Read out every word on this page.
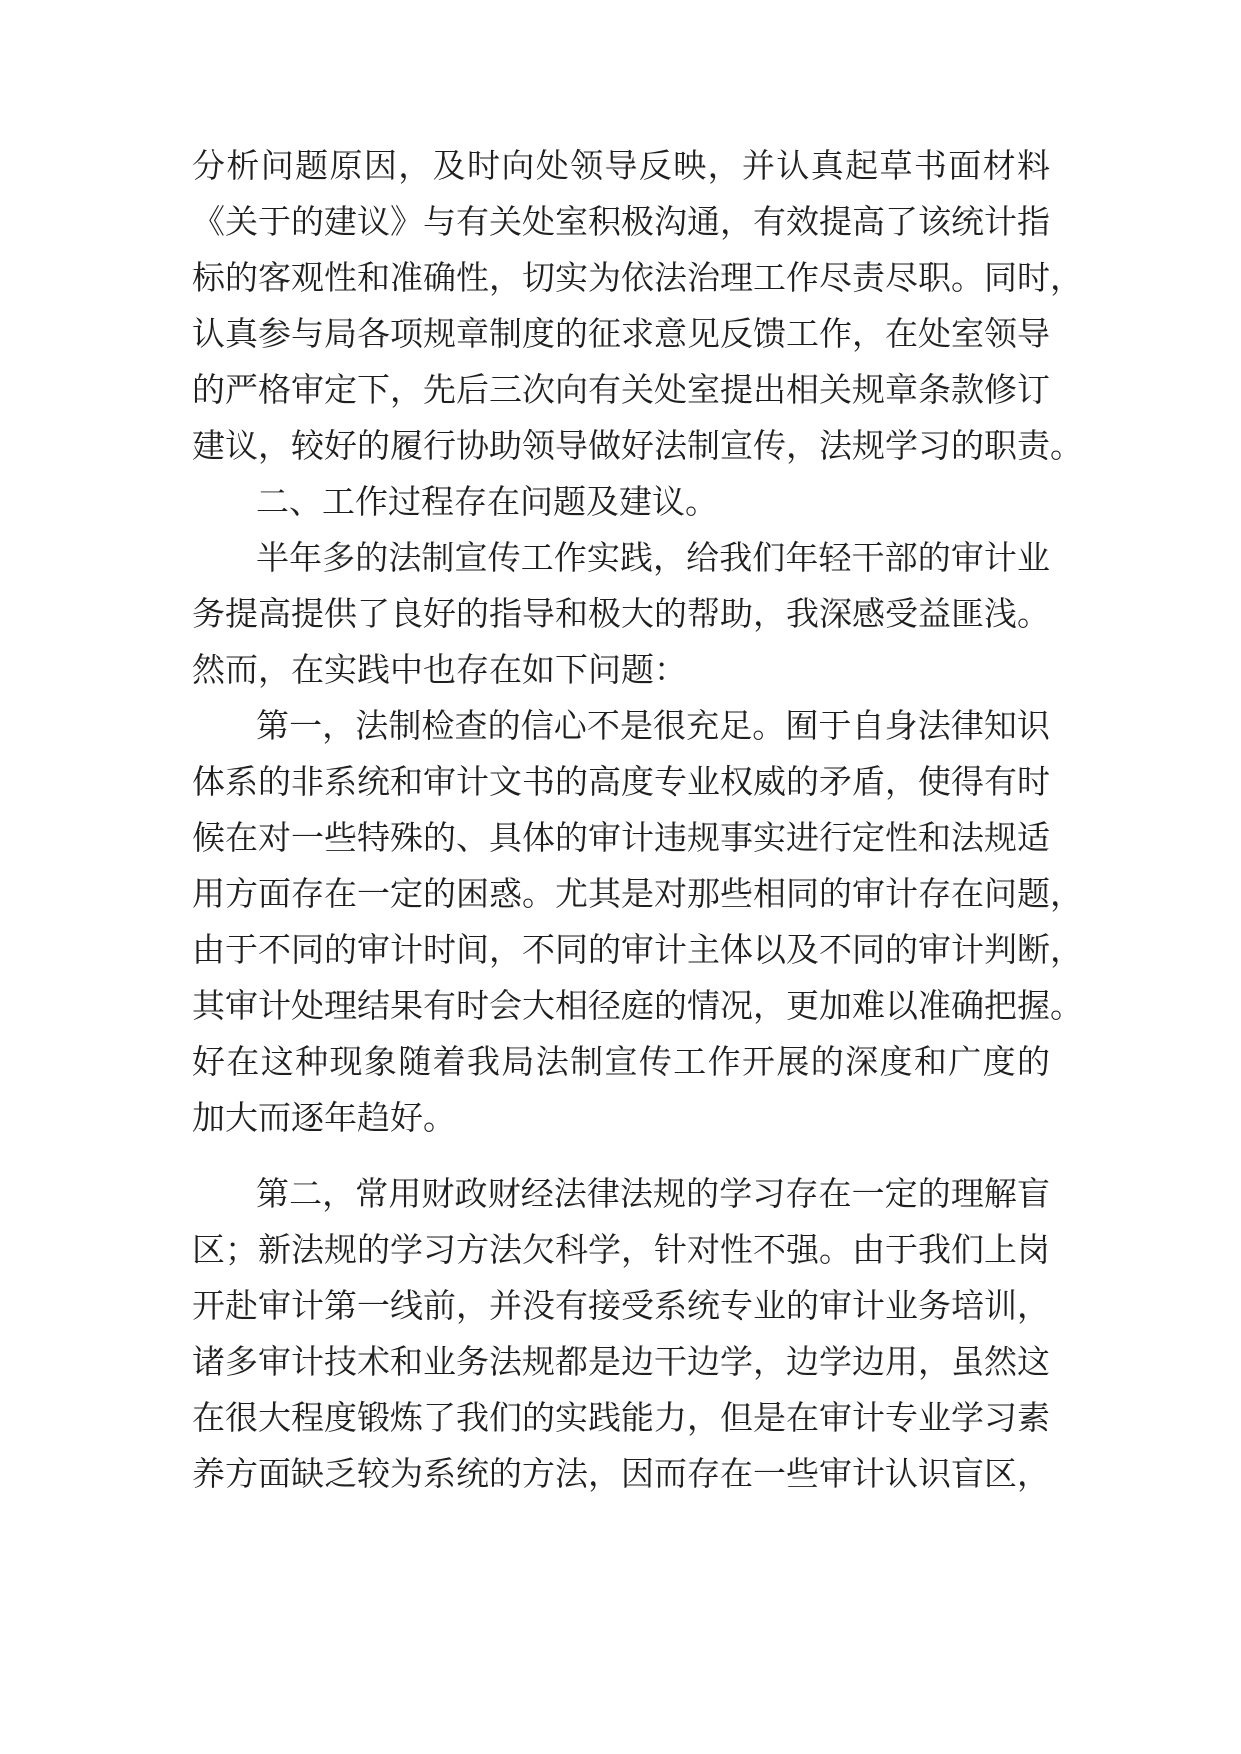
分析问题原因，及时向处领导反映，并认真起草书面材料
《关于的建议》与有关处室积极沟通，有效提高了该统计指
标的客观性和准确性，切实为依法治理工作尽责尽职。同时，
认真参与局各项规章制度的征求意见反馈工作，在处室领导
的严格审定下，先后三次向有关处室提出相关规章条款修订
建议，较好的履行协助领导做好法制宣传，法规学习的职责。
二、工作过程存在问题及建议。
半年多的法制宣传工作实践，给我们年轻干部的审计业
务提高提供了良好的指导和极大的帮助，我深感受益匪浅。
然而，在实践中也存在如下问题：
第一，法制检查的信心不是很充足。囿于自身法律知识
体系的非系统和审计文书的高度专业权威的矛盾，使得有时
候在对一些特殊的、具体的审计违规事实进行定性和法规适
用方面存在一定的困惑。尤其是对那些相同的审计存在问题，
由于不同的审计时间，不同的审计主体以及不同的审计判断，
其审计处理结果有时会大相径庭的情况，更加难以准确把握。
好在这种现象随着我局法制宣传工作开展的深度和广度的
加大而逐年趋好。
第二，常用财政财经法律法规的学习存在一定的理解盲
区；新法规的学习方法欠科学，针对性不强。由于我们上岗
开赴审计第一线前，并没有接受系统专业的审计业务培训，
诸多审计技术和业务法规都是边干边学，边学边用，虽然这
在很大程度锻炼了我们的实践能力，但是在审计专业学习素
养方面缺乏较为系统的方法，因而存在一些审计认识盲区，
